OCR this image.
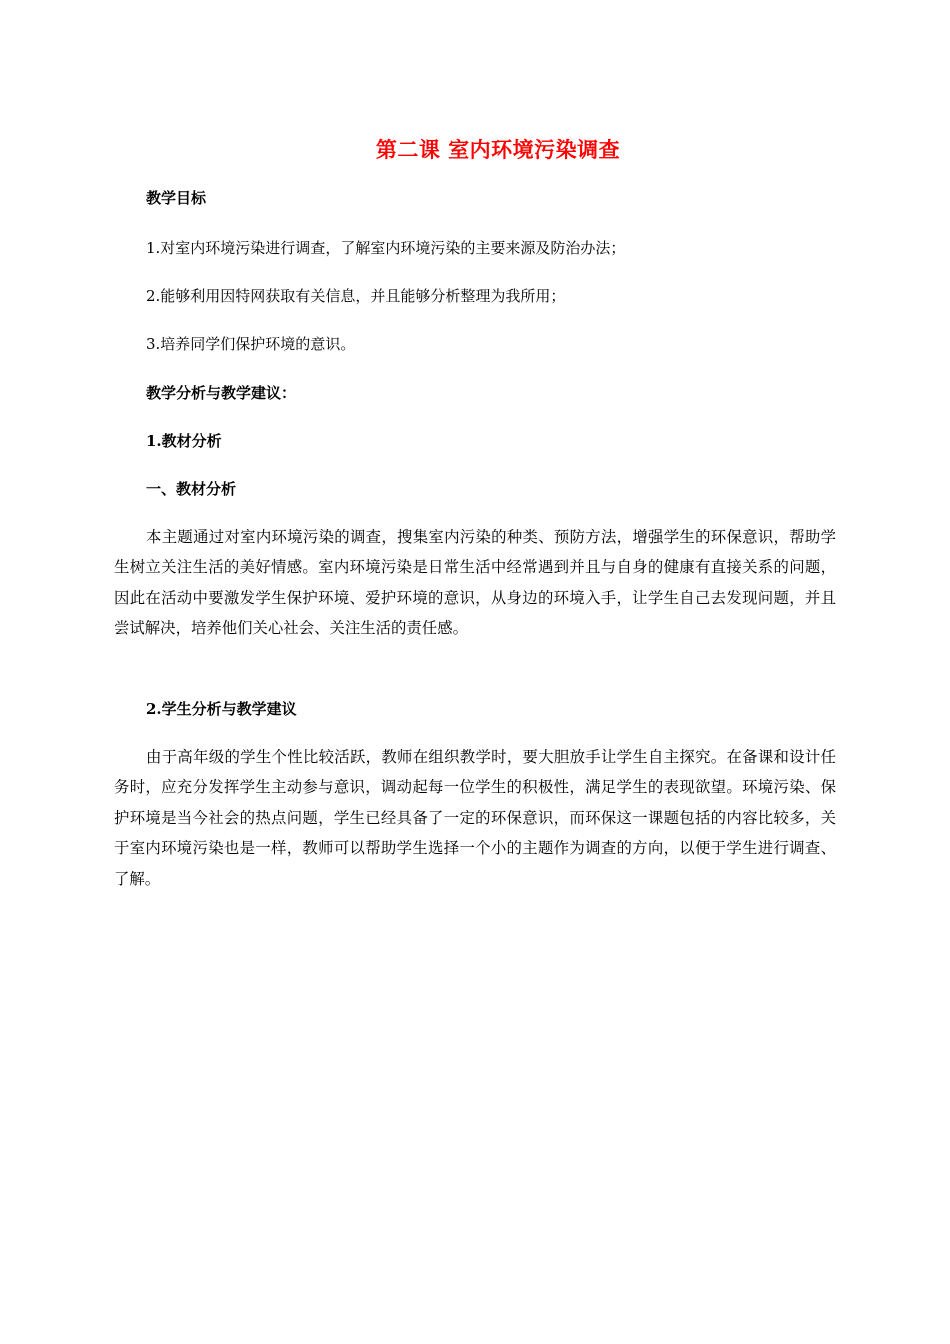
第二课 室内环境污染调查
教学目标
1.对室内环境污染进行调查，了解室内环境污染的主要来源及防治办法；
2.能够利用因特网获取有关信息，并且能够分析整理为我所用；
3.培养同学们保护环境的意识。
教学分析与教学建议：
1.教材分析
一、教材分析
本主题通过对室内环境污染的调查，搜集室内污染的种类、预防方法，增强学生的环保意识，帮助学生树立关注生活的美好情感。室内环境污染是日常生活中经常遇到并且与自身的健康有直接关系的问题，因此在活动中要激发学生保护环境、爱护环境的意识，从身边的环境入手，让学生自己去发现问题，并且尝试解决，培养他们关心社会、关注生活的责任感。
2.学生分析与教学建议
由于高年级的学生个性比较活跃，教师在组织教学时，要大胆放手让学生自主探究。在备课和设计任务时，应充分发挥学生主动参与意识，调动起每一位学生的积极性，满足学生的表现欲望。环境污染、保护环境是当今社会的热点问题，学生已经具备了一定的环保意识，而环保这一课题包括的内容比较多，关于室内环境污染也是一样，教师可以帮助学生选择一个小的主题作为调查的方向，以便于学生进行调查、了解。
